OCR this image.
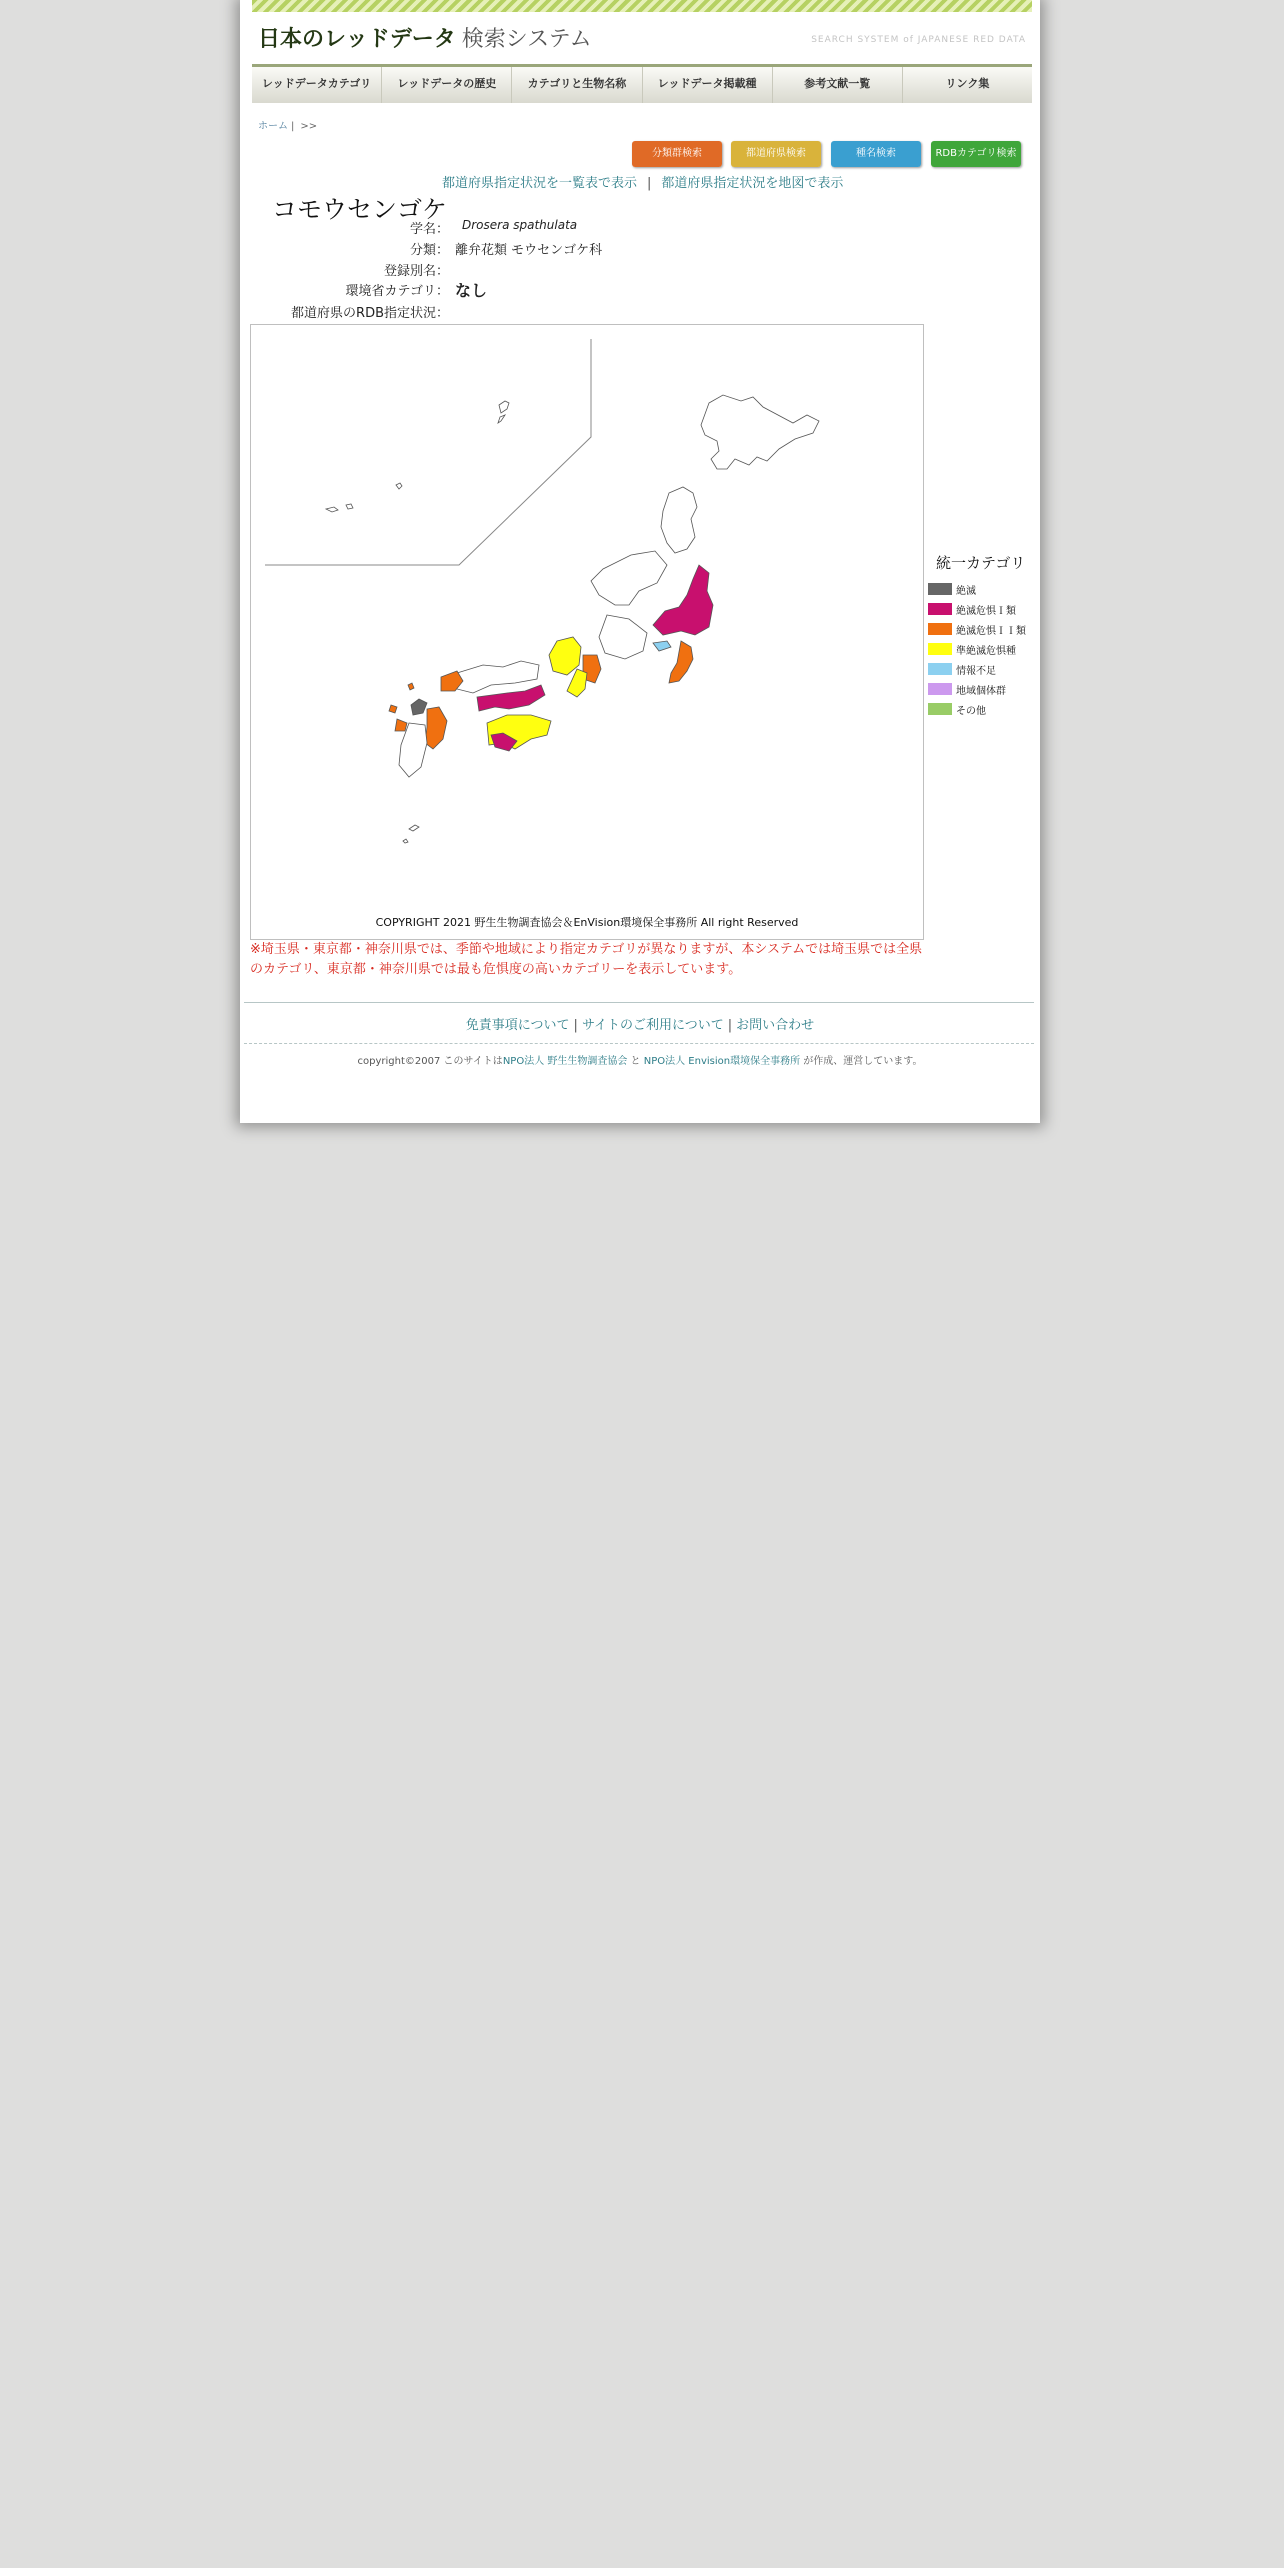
日本のレッドデータ 検索システム	SEARCH SYSTEM of JAPANESE RED DATA
レッドデータカテゴリ	レッドデータの歴史	カテゴリと生物名称	レッドデータ掲載種	参考文献一覧	リンク集
ホーム | >>
分類群検索	都道府県検索	種名検索	RDBカテゴリ検索
都道府県指定状況を一覧表で表示 | 都道府県指定状況を地図で表示
コモウセンゴケ
学名： Drosera spathulata
分類： 離弁花類 モウセンゴケ科
登録別名：
環境省カテゴリ： なし
都道府県のRDB指定状況：
COPYRIGHT 2021 野生生物調査協会＆EnVision環境保全事務所 All right Reserved
統一カテゴリ
絶滅
絶滅危惧Ｉ類
絶滅危惧ＩＩ類
準絶滅危惧種
情報不足
地域個体群
その他
※埼玉県・東京都・神奈川県では、季節や地域により指定カテゴリが異なりますが、本システムでは埼玉県では全県のカテゴリ、東京都・神奈川県では最も危惧度の高いカテゴリーを表示しています。
免責事項について | サイトのご利用について | お問い合わせ
copyright©2007 このサイトはNPO法人 野生生物調査協会 と NPO法人 Envision環境保全事務所 が作成、運営しています。
